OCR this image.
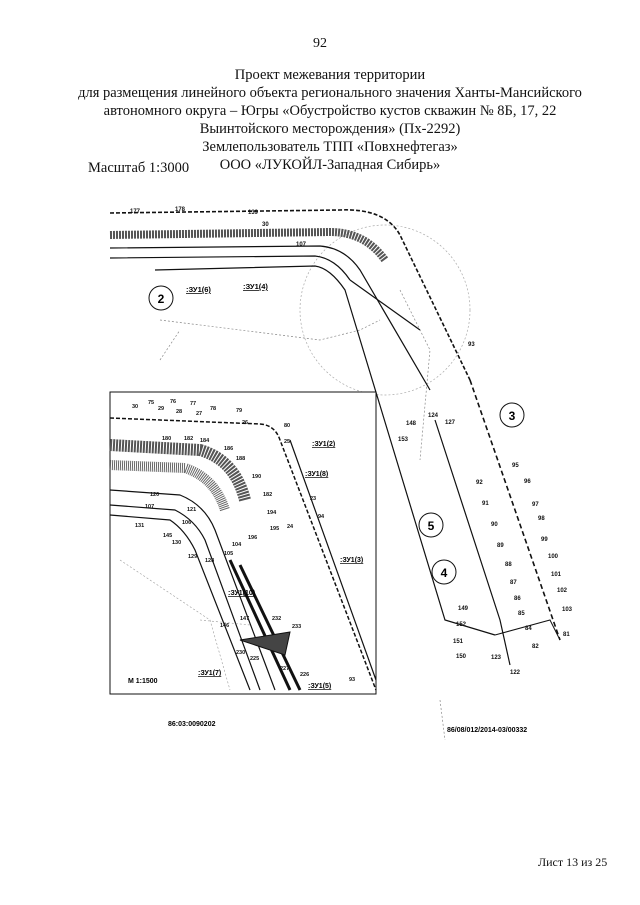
92
Проект межевания территории
для размещения линейного объекта регионального значения Ханты-Мансийского
автономного округа – Югры «Обустройство кустов скважин № 8Б, 17, 22
Выинтойского месторождения» (Пх-2292)
Землепользователь ТПП «Повхнефтегаз»
ООО «ЛУКОЙЛ-Западная Сибирь»
Масштаб 1:3000
2
3
5
4
:ЗУ1(6)	:ЗУ1(4)
177	178	139
30
107
93
148
124
127
153
95
92	96
91	97
90
98
89
99
88
100
87
101
86
102
85
103
84
149
152
151
150	123
122
82
81
:ЗУ1(2)
:ЗУ1(8)
:ЗУ1(3)
:ЗУ1(10)
:ЗУ1(7)
:ЗУ1(5)
30
75
29
76
28
77
27
78	79
26	80
25
180 182 184
186
188
190
182
23
194
24
94
120
107	121
106
131
145
130	104
129	105
128
196
195
147	232
146	233
230
225
226
227
93
М 1:1500
86:03:0090202
86/08/012/2014-03/00332
Лист 13 из 25
